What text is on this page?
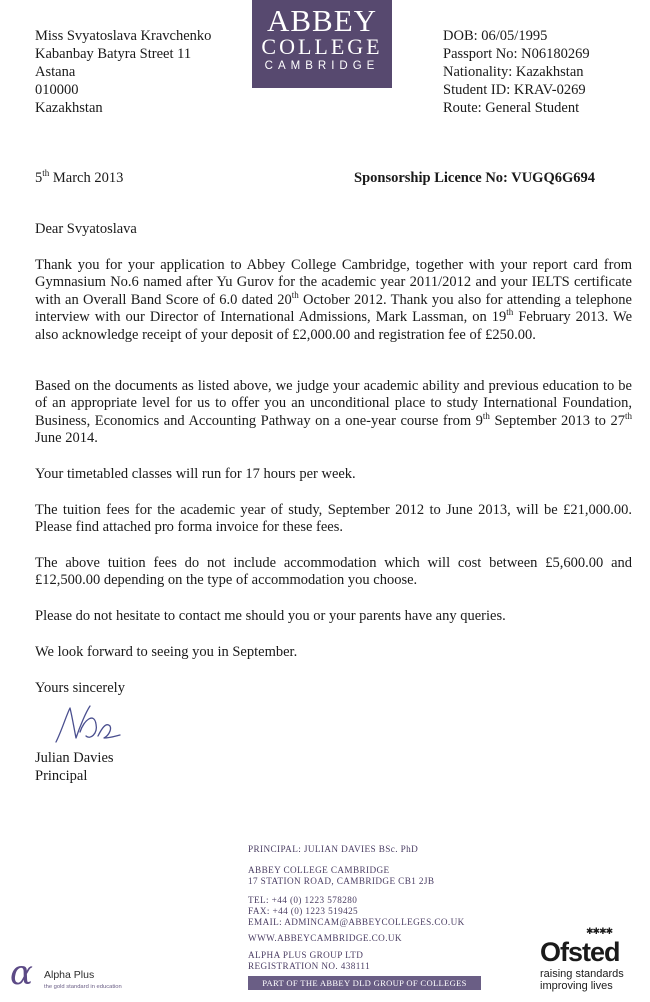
Miss Svyatoslava Kravchenko
Kabanbay Batyra Street 11
Astana
010000
Kazakhstan
ABBEY
COLLEGE
CAMBRIDGE
DOB: 06/05/1995
Passport No: N06180269
Nationality: Kazakhstan
Student ID: KRAV-0269
Route: General Student
5th March 2013	Sponsorship Licence No: VUGQ6G694
Dear Svyatoslava
Thank you for your application to Abbey College Cambridge, together with your report card from Gymnasium No.6 named after Yu Gurov for the academic year 2011/2012 and your IELTS certificate with an Overall Band Score of 6.0 dated 20th October 2012. Thank you also for attending a telephone interview with our Director of International Admissions, Mark Lassman, on 19th February 2013. We also acknowledge receipt of your deposit of £2,000.00 and registration fee of £250.00.
Based on the documents as listed above, we judge your academic ability and previous education to be of an appropriate level for us to offer you an unconditional place to study International Foundation, Business, Economics and Accounting Pathway on a one-year course from 9th September 2013 to 27th June 2014.
Your timetabled classes will run for 17 hours per week.
The tuition fees for the academic year of study, September 2012 to June 2013, will be £21,000.00. Please find attached pro forma invoice for these fees.
The above tuition fees do not include accommodation which will cost between £5,600.00 and £12,500.00 depending on the type of accommodation you choose.
Please do not hesitate to contact me should you or your parents have any queries.
We look forward to seeing you in September.
Yours sincerely
Julian Davies
Principal
PRINCIPAL: JULIAN DAVIES BSc. PhD
ABBEY COLLEGE CAMBRIDGE
17 STATION ROAD, CAMBRIDGE CB1 2JB
TEL: +44 (0) 1223 578280
FAX: +44 (0) 1223 519425
EMAIL: ADMINCAM@ABBEYCOLLEGES.CO.UK
WWW.ABBEYCAMBRIDGE.CO.UK
ALPHA PLUS GROUP LTD
REGISTRATION NO. 438111
PART OF THE ABBEY DLD GROUP OF COLLEGES
α Alpha Plus
the gold standard in education
✱✱✱✱
Ofsted
raising standards
improving lives
